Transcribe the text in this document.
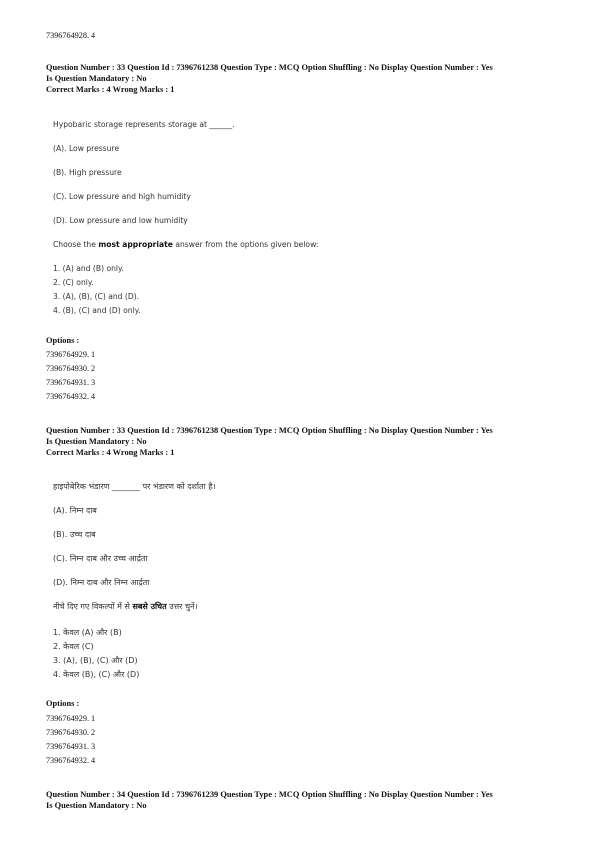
7396764928. 4
Question Number : 33 Question Id : 7396761238 Question Type : MCQ Option Shuffling : No Display Question Number : Yes
Is Question Mandatory : No
Correct Marks : 4 Wrong Marks : 1
Hypobaric storage represents storage at ______.
(A). Low pressure
(B). High pressure
(C). Low pressure and high humidity
(D). Low pressure and low humidity
Choose the most appropriate answer from the options given below:
1. (A) and (B) only.
2. (C) only.
3. (A), (B), (C) and (D).
4. (B), (C) and (D) only.
Options :
7396764929. 1
7396764930. 2
7396764931. 3
7396764932. 4
Question Number : 33 Question Id : 7396761238 Question Type : MCQ Option Shuffling : No Display Question Number : Yes
Is Question Mandatory : No
Correct Marks : 4 Wrong Marks : 1
हाइपोबेरिक भंडारण _______ पर भंडारण को दर्शाता है।
(A). निम्न दाब
(B). उच्च दाब
(C). निम्न दाब और उच्च आर्द्रता
(D). निम्न दाब और निम्न आर्द्रता
नीचे दिए गए विकल्पों में से सबसे उचित उत्तर चुनें।
1. केवल (A) और (B)
2. केवल (C)
3. (A), (B), (C) और (D)
4. केवल (B), (C) और (D)
Options :
7396764929. 1
7396764930. 2
7396764931. 3
7396764932. 4
Question Number : 34 Question Id : 7396761239 Question Type : MCQ Option Shuffling : No Display Question Number : Yes
Is Question Mandatory : No
